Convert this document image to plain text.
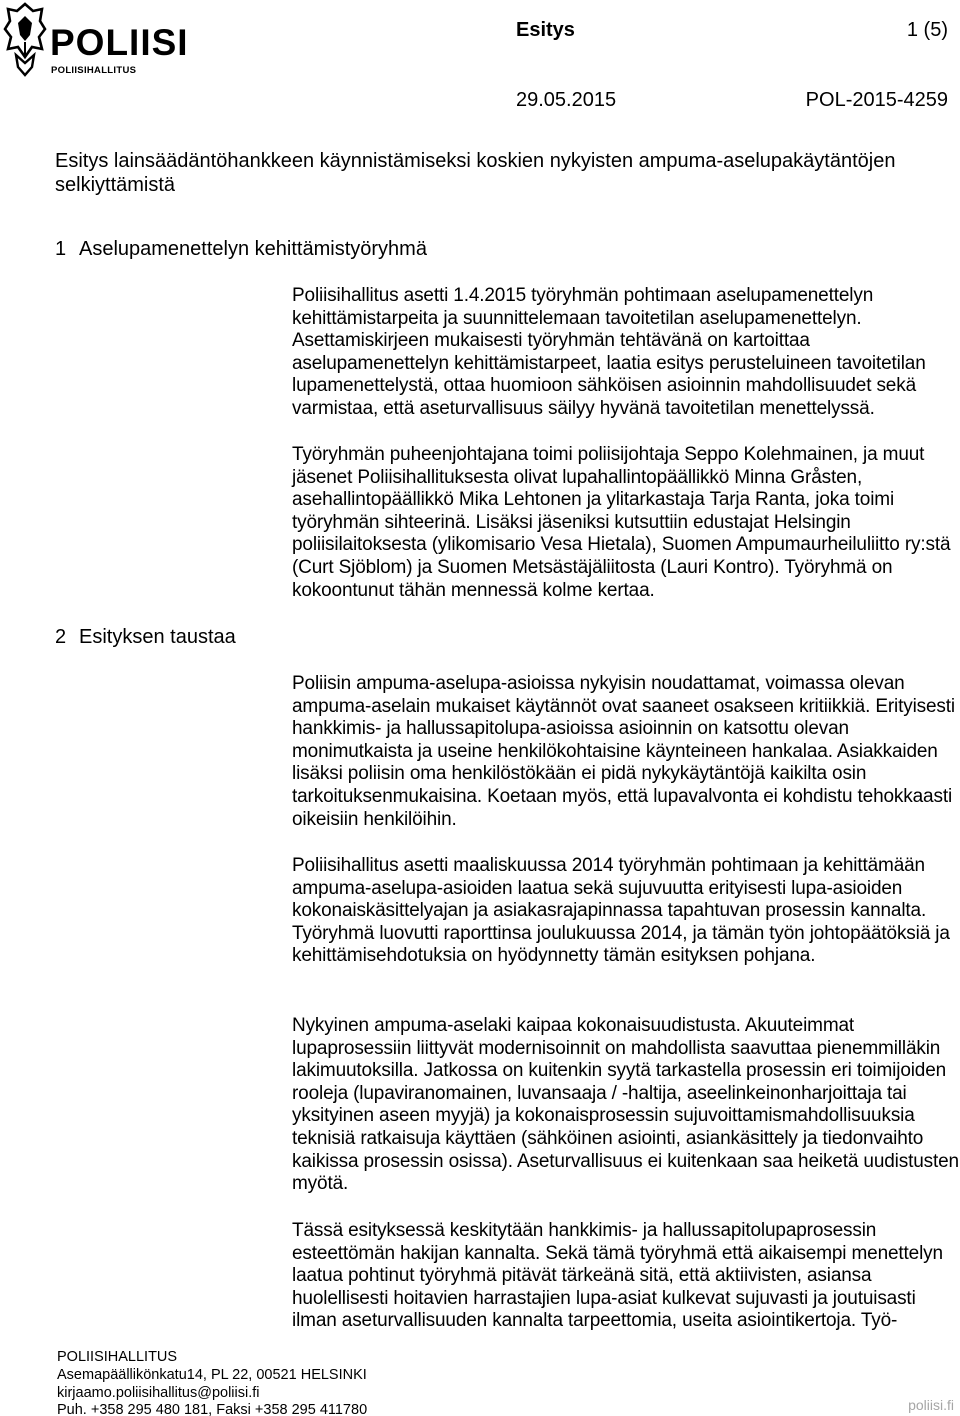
POLIISI
POLIISIHALLITUS
Esitys	1 (5)
29.05.2015	POL-2015-4259
Esitys lainsäädäntöhankkeen käynnistämiseksi koskien nykyisten ampuma-aselupakäytäntöjen selkiyttämistä
1 Aselupamenettelyn kehittämistyöryhmä
Poliisihallitus asetti 1.4.2015 työryhmän pohtimaan aselupamenettelyn kehittämistarpeita ja suunnittelemaan tavoitetilan aselupamenettelyn. Asettamiskirjeen mukaisesti työryhmän tehtävänä on kartoittaa aselupamenettelyn kehittämistarpeet, laatia esitys perusteluineen tavoitetilan lupamenettelystä, ottaa huomioon sähköisen asioinnin mahdollisuudet sekä varmistaa, että aseturvallisuus säilyy hyvänä tavoitetilan menettelyssä.
Työryhmän puheenjohtajana toimi poliisijohtaja Seppo Kolehmainen, ja muut jäsenet Poliisihallituksesta olivat lupahallintopäällikkö Minna Gråsten, asehallintopäällikkö Mika Lehtonen ja ylitarkastaja Tarja Ranta, joka toimi työryhmän sihteerinä. Lisäksi jäseniksi kutsuttiin edustajat Helsingin poliisilaitoksesta (ylikomisario Vesa Hietala), Suomen Ampumaurheiluliitto ry:stä (Curt Sjöblom) ja Suomen Metsästäjäliitosta (Lauri Kontro). Työryhmä on kokoontunut tähän mennessä kolme kertaa.
2 Esityksen taustaa
Poliisin ampuma-aselupa-asioissa nykyisin noudattamat, voimassa olevan ampuma-aselain mukaiset käytännöt ovat saaneet osakseen kritiikkiä. Erityisesti hankkimis- ja hallussapitolupa-asioissa asioinnin on katsottu olevan monimutkaista ja useine henkilökohtaisine käynteineen hankalaa. Asiakkaiden lisäksi poliisin oma henkilöstökään ei pidä nykykäytäntöjä kaikilta osin tarkoituksenmukaisina. Koetaan myös, että lupavalvonta ei kohdistu tehokkaasti oikeisiin henkilöihin.
Poliisihallitus asetti maaliskuussa 2014 työryhmän pohtimaan ja kehittämään ampuma-aselupa-asioiden laatua sekä sujuvuutta erityisesti lupa-asioiden kokonaiskäsittelyajan ja asiakasrajapinnassa tapahtuvan prosessin kannalta. Työryhmä luovutti raporttinsa joulukuussa 2014, ja tämän työn johtopäätöksiä ja kehittämisehdotuksia on hyödynnetty tämän esityksen pohjana.
Nykyinen ampuma-aselaki kaipaa kokonaisuudistusta. Akuuteimmat lupaprosessiin liittyvät modernisoinnit on mahdollista saavuttaa pienemmilläkin lakimuutoksilla. Jatkossa on kuitenkin syytä tarkastella prosessin eri toimijoiden rooleja (lupaviranomainen, luvansaaja / -haltija, aseelinkeinonharjoittaja tai yksityinen aseen myyjä) ja kokonaisprosessin sujuvoittamismahdollisuuksia teknisiä ratkaisuja käyttäen (sähköinen asiointi, asiankäsittely ja tiedonvaihto kaikissa prosessin osissa). Aseturvallisuus ei kuitenkaan saa heiketä uudistusten myötä.
Tässä esityksessä keskitytään hankkimis- ja hallussapitolupaprosessin esteettömän hakijan kannalta. Sekä tämä työryhmä että aikaisempi menettelyn laatua pohtinut työryhmä pitävät tärkeänä sitä, että aktiivisten, asiansa huolellisesti hoitavien harrastajien lupa-asiat kulkevat sujuvasti ja joutuisasti ilman aseturvallisuuden kannalta tarpeettomia, useita asiointikertoja. Työ-
POLIISIHALLITUS
Asemapäällikönkatu14, PL 22, 00521 HELSINKI
kirjaamo.poliisihallitus@poliisi.fi
Puh. +358 295 480 181, Faksi +358 295 411780	poliisi.fi
